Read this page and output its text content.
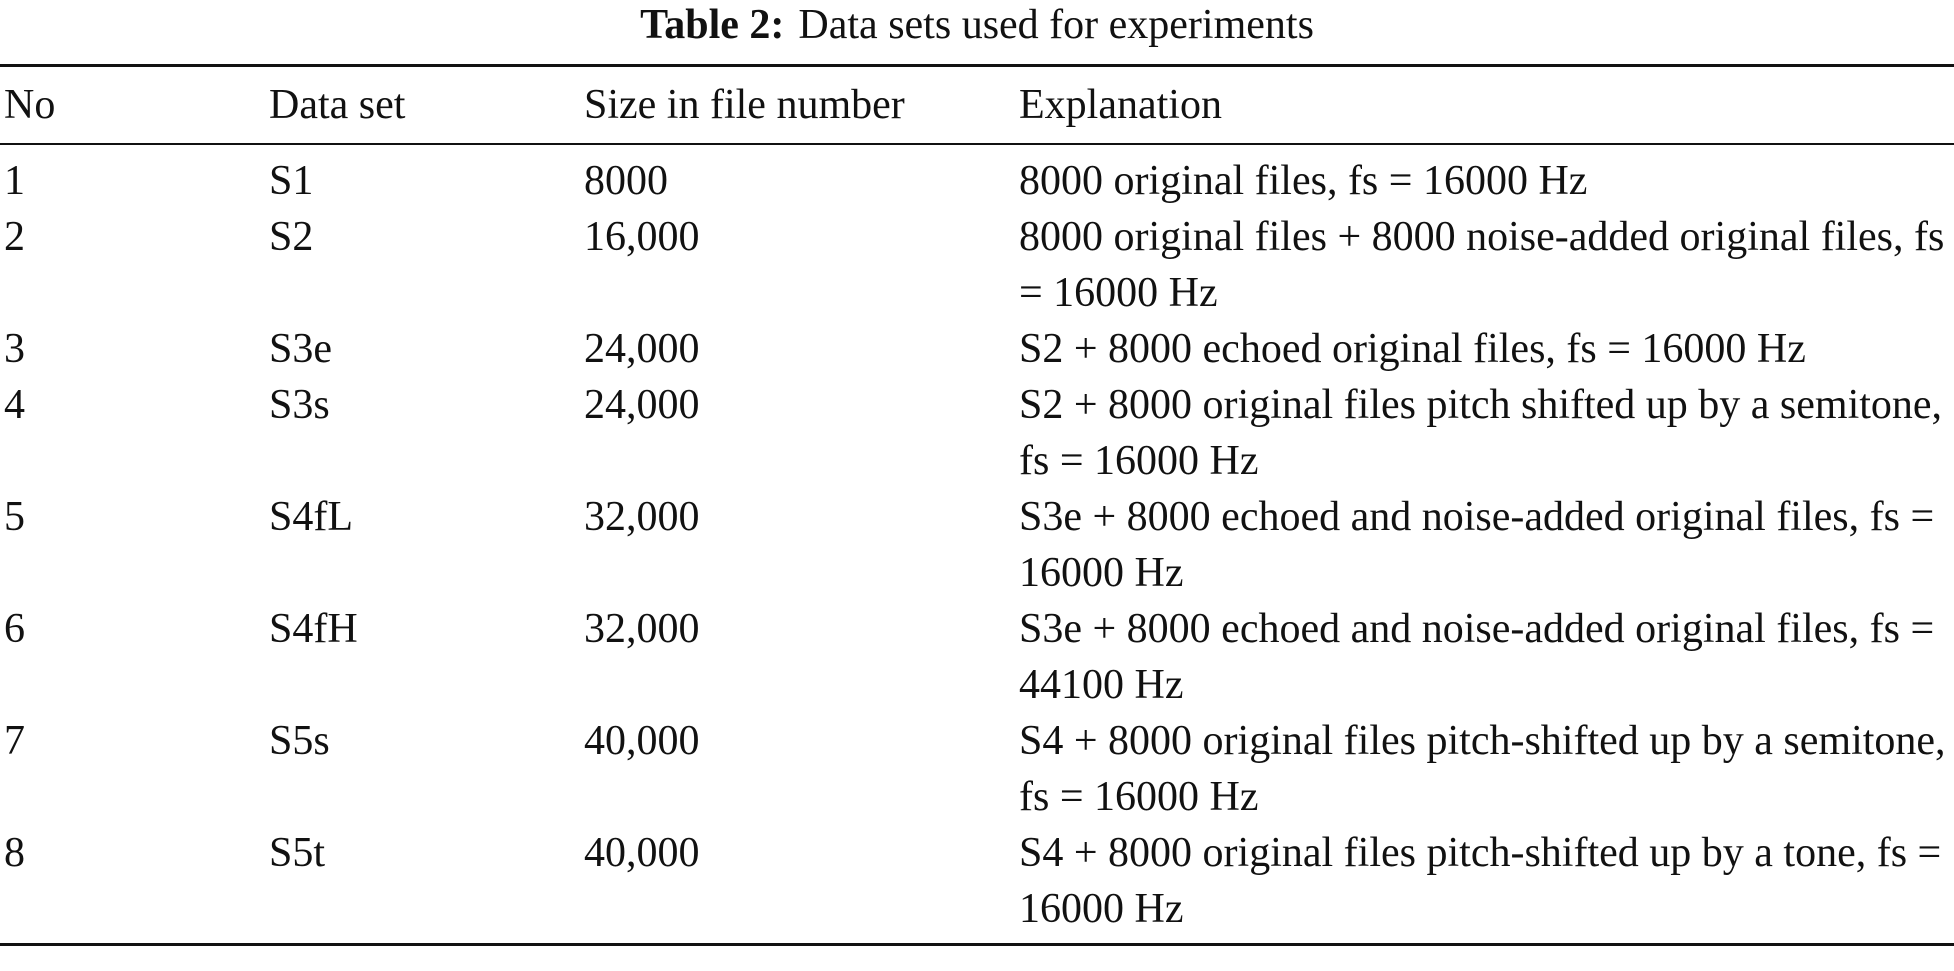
Table 2: Data sets used for experiments
No	Data set	Size in file number	Explanation

1	S1	8000	8000 original files, fs = 16000 Hz

2	S2	16,000	8000 original files + 8000 noise-added original files, fs = 16000 Hz

3	S3e	24,000	S2 + 8000 echoed original files, fs = 16000 Hz

4	S3s	24,000	S2 + 8000 original files pitch shifted up by a semitone, fs = 16000 Hz

5	S4fL	32,000	S3e + 8000 echoed and noise-added original files, fs = 16000 Hz

6	S4fH	32,000	S3e + 8000 echoed and noise-added original files, fs = 44100 Hz

7	S5s	40,000	S4 + 8000 original files pitch-shifted up by a semitone, fs = 16000 Hz

8	S5t	40,000	S4 + 8000 original files pitch-shifted up by a tone, fs = 16000 Hz
